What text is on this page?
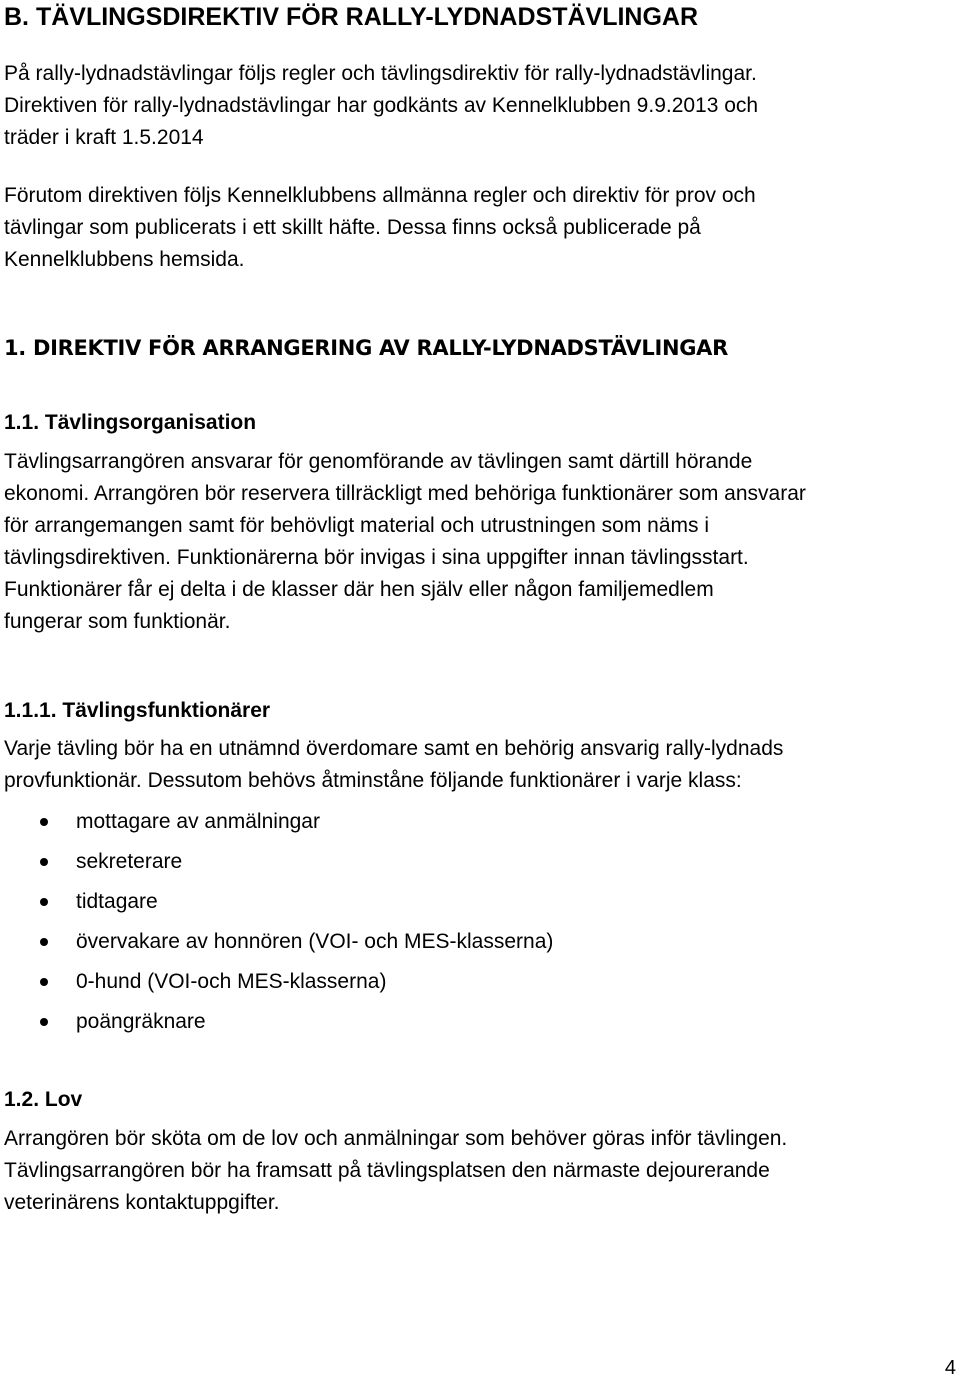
B. TÄVLINGSDIREKTIV FÖR RALLY-LYDNADSTÄVLINGAR
På rally-lydnadstävlingar följs regler och tävlingsdirektiv för rally-lydnadstävlingar.
Direktiven för rally-lydnadstävlingar har godkänts av Kennelklubben 9.9.2013 och
träder i kraft 1.5.2014
Förutom direktiven följs Kennelklubbens allmänna regler och direktiv för prov och
tävlingar som publicerats i ett skillt häfte. Dessa finns också publicerade på
Kennelklubbens hemsida.
1. DIREKTIV FÖR ARRANGERING AV RALLY-LYDNADSTÄVLINGAR
1.1. Tävlingsorganisation
Tävlingsarrangören ansvarar för genomförande av tävlingen samt därtill hörande
ekonomi. Arrangören bör reservera tillräckligt med behöriga funktionärer som ansvarar
för arrangemangen samt för behövligt material och utrustningen som näms i
tävlingsdirektiven. Funktionärerna bör invigas i sina uppgifter innan tävlingsstart.
Funktionärer får ej delta i de klasser där hen själv eller någon familjemedlem
fungerar som funktionär.
1.1.1. Tävlingsfunktionärer
Varje tävling bör ha en utnämnd överdomare samt en behörig ansvarig rally-lydnads
provfunktionär. Dessutom behövs åtminståne följande funktionärer i varje klass:
mottagare av anmälningar
sekreterare
tidtagare
övervakare av honnören (VOI- och MES-klasserna)
0-hund (VOI-och MES-klasserna)
poängräknare
1.2. Lov
Arrangören bör sköta om de lov och anmälningar som behöver göras inför tävlingen.
Tävlingsarrangören bör ha framsatt på tävlingsplatsen den närmaste dejourerande
veterinärens kontaktuppgifter.
4
